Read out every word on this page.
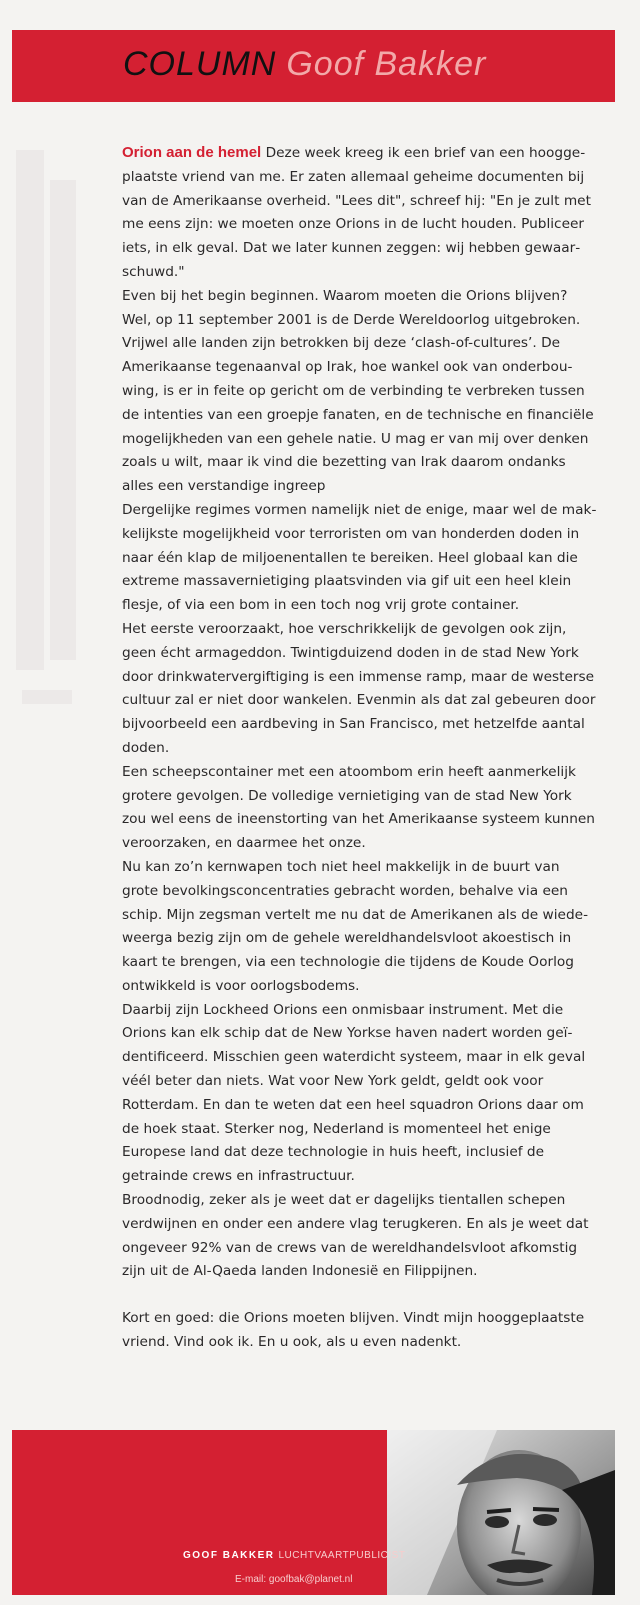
COLUMN Goof Bakker

Orion aan de hemel Deze week kreeg ik een brief van een hooggeplaatste vriend van me. Er zaten allemaal geheime documenten bij van de Amerikaanse overheid. "Lees dit", schreef hij: "En je zult met me eens zijn: we moeten onze Orions in de lucht houden. Publiceer iets, in elk geval. Dat we later kunnen zeggen: wij hebben gewaarschuwd."

Even bij het begin beginnen. Waarom moeten die Orions blijven? Wel, op 11 september 2001 is de Derde Wereldoorlog uitgebroken. Vrijwel alle landen zijn betrokken bij deze ‘clash-of-cultures’. De Amerikaanse tegenaanval op Irak, hoe wankel ook van onderbouwing, is er in feite op gericht om de verbinding te verbreken tussen de intenties van een groepje fanaten, en de technische en financiële mogelijkheden van een gehele natie. U mag er van mij over denken zoals u wilt, maar ik vind die bezetting van Irak daarom ondanks alles een verstandige ingreep

Dergelijke regimes vormen namelijk niet de enige, maar wel de makkelijkste mogelijkheid voor terroristen om van honderden doden in naar één klap de miljoenentallen te bereiken. Heel globaal kan die extreme massavernietiging plaatsvinden via gif uit een heel klein flesje, of via een bom in een toch nog vrij grote container.

Het eerste veroorzaakt, hoe verschrikkelijk de gevolgen ook zijn, geen écht armageddon. Twintigduizend doden in de stad New York door drinkwatervergiftiging is een immense ramp, maar de westerse cultuur zal er niet door wankelen. Evenmin als dat zal gebeuren door bijvoorbeeld een aardbeving in San Francisco, met hetzelfde aantal doden.

Een scheepscontainer met een atoombom erin heeft aanmerkelijk grotere gevolgen. De volledige vernietiging van de stad New York zou wel eens de ineenstorting van het Amerikaanse systeem kunnen veroorzaken, en daarmee het onze.

Nu kan zo’n kernwapen toch niet heel makkelijk in de buurt van grote bevolkingsconcentraties gebracht worden, behalve via een schip. Mijn zegsman vertelt me nu dat de Amerikanen als de wiedeweerga bezig zijn om de gehele wereldhandelsvloot akoestisch in kaart te brengen, via een technologie die tijdens de Koude Oorlog ontwikkeld is voor oorlogsbodems.

Daarbij zijn Lockheed Orions een onmisbaar instrument. Met die Orions kan elk schip dat de New Yorkse haven nadert worden geïdentificeerd. Misschien geen waterdicht systeem, maar in elk geval véél beter dan niets. Wat voor New York geldt, geldt ook voor Rotterdam. En dan te weten dat een heel squadron Orions daar om de hoek staat. Sterker nog, Nederland is momenteel het enige Europese land dat deze technologie in huis heeft, inclusief de getrainde crews en infrastructuur.

Broodnodig, zeker als je weet dat er dagelijks tientallen schepen verdwijnen en onder een andere vlag terugkeren. En als je weet dat ongeveer 92% van de crews van de wereldhandelsvloot afkomstig zijn uit de Al-Qaeda landen Indonesië en Filippijnen.

Kort en goed: die Orions moeten blijven. Vindt mijn hooggeplaatste vriend. Vind ook ik. En u ook, als u even nadenkt.

GOOF BAKKER LUCHTVAARTPUBLICIST
E-mail: goofbak@planet.nl
